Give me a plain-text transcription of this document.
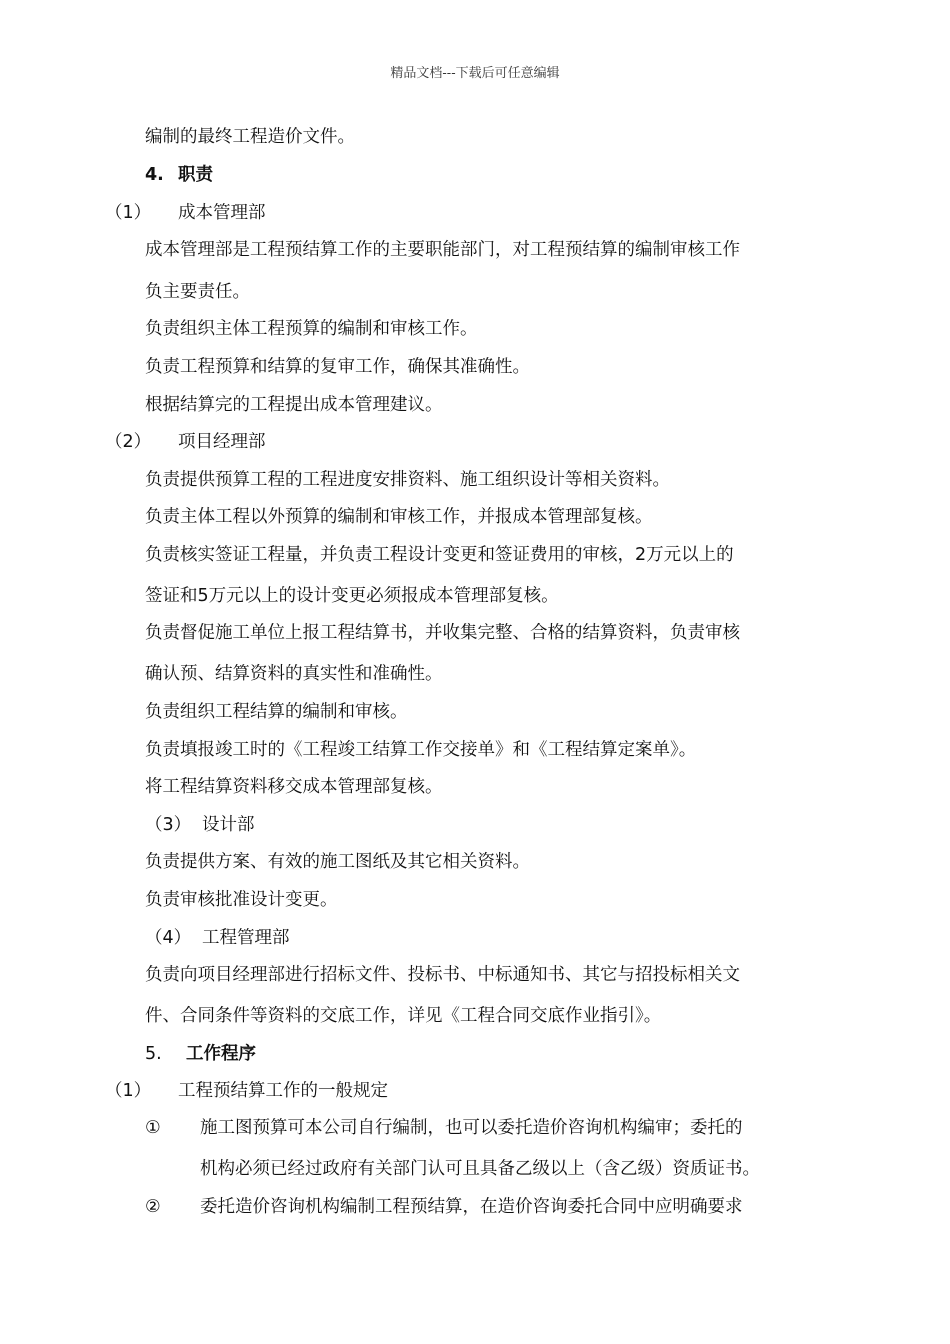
精品文档---下载后可任意编辑
编制的最终工程造价文件。
4. 职责
（1） 成本管理部
成本管理部是工程预结算工作的主要职能部门，对工程预结算的编制审核工作
负主要责任。
负责组织主体工程预算的编制和审核工作。
负责工程预算和结算的复审工作，确保其准确性。
根据结算完的工程提出成本管理建议。
（2） 项目经理部
负责提供预算工程的工程进度安排资料、施工组织设计等相关资料。
负责主体工程以外预算的编制和审核工作，并报成本管理部复核。
负责核实签证工程量，并负责工程设计变更和签证费用的审核，2万元以上的
签证和5万元以上的设计变更必须报成本管理部复核。
负责督促施工单位上报工程结算书，并收集完整、合格的结算资料，负责审核
确认预、结算资料的真实性和准确性。
负责组织工程结算的编制和审核。
负责填报竣工时的《工程竣工结算工作交接单》和《工程结算定案单》。
将工程结算资料移交成本管理部复核。
（3） 设计部
负责提供方案、有效的施工图纸及其它相关资料。
负责审核批准设计变更。
（4） 工程管理部
负责向项目经理部进行招标文件、投标书、中标通知书、其它与招投标相关文
件、合同条件等资料的交底工作，详见《工程合同交底作业指引》。
5. 工作程序
（1） 工程预结算工作的一般规定
① 施工图预算可本公司自行编制，也可以委托造价咨询机构编审；委托的
机构必须已经过政府有关部门认可且具备乙级以上（含乙级）资质证书。
② 委托造价咨询机构编制工程预结算，在造价咨询委托合同中应明确要求
